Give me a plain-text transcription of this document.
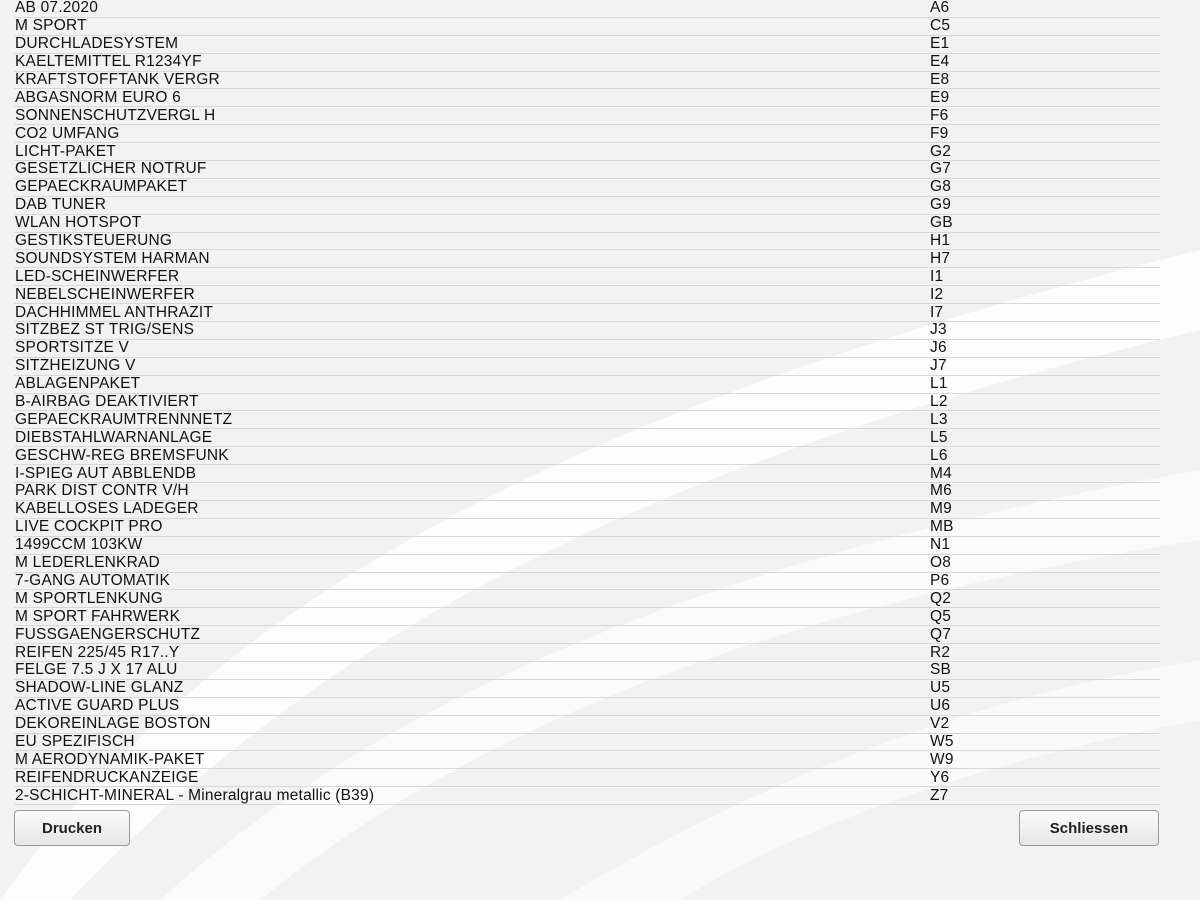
AB 07.2020	A6
M SPORT	C5
DURCHLADESYSTEM	E1
KAELTEMITTEL R1234YF	E4
KRAFTSTOFFTANK VERGR	E8
ABGASNORM EURO 6	E9
SONNENSCHUTZVERGL H	F6
CO2 UMFANG	F9
LICHT-PAKET	G2
GESETZLICHER NOTRUF	G7
GEPAECKRAUMPAKET	G8
DAB TUNER	G9
WLAN HOTSPOT	GB
GESTIKSTEUERUNG	H1
SOUNDSYSTEM HARMAN	H7
LED-SCHEINWERFER	I1
NEBELSCHEINWERFER	I2
DACHHIMMEL ANTHRAZIT	I7
SITZBEZ ST TRIG/SENS	J3
SPORTSITZE V	J6
SITZHEIZUNG V	J7
ABLAGENPAKET	L1
B-AIRBAG DEAKTIVIERT	L2
GEPAECKRAUMTRENNNETZ	L3
DIEBSTAHLWARNANLAGE	L5
GESCHW-REG BREMSFUNK	L6
I-SPIEG AUT ABBLENDB	M4
PARK DIST CONTR V/H	M6
KABELLOSES LADEGER	M9
LIVE COCKPIT PRO	MB
1499CCM 103KW	N1
M LEDERLENKRAD	O8
7-GANG AUTOMATIK	P6
M SPORTLENKUNG	Q2
M SPORT FAHRWERK	Q5
FUSSGAENGERSCHUTZ	Q7
REIFEN 225/45 R17..Y	R2
FELGE 7.5 J X 17 ALU	SB
SHADOW-LINE GLANZ	U5
ACTIVE GUARD PLUS	U6
DEKOREINLAGE BOSTON	V2
EU SPEZIFISCH	W5
M AERODYNAMIK-PAKET	W9
REIFENDRUCKANZEIGE	Y6
2-SCHICHT-MINERAL - Mineralgrau metallic (B39)	Z7
Drucken	Schliessen
